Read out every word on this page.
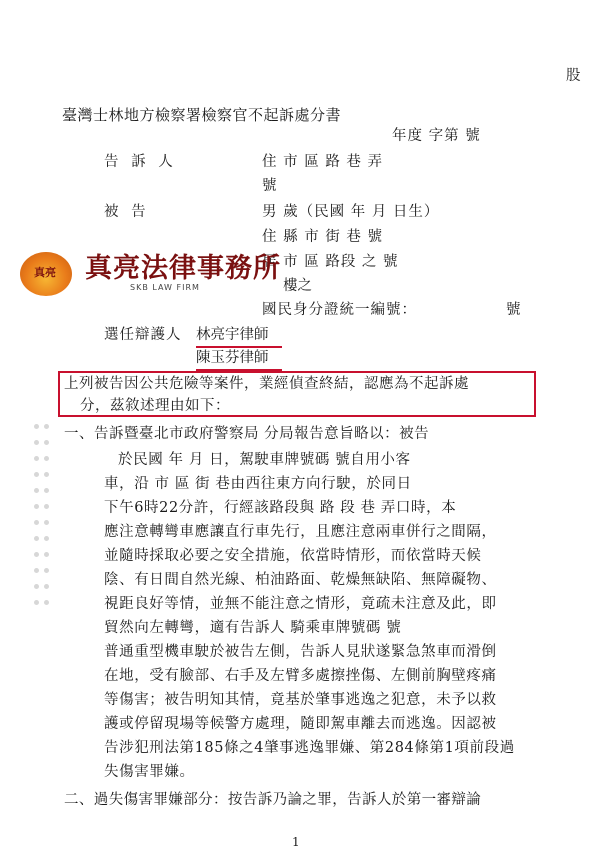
股
臺灣士林地方檢察署檢察官不起訴處分書
年度 字第 號
告 訴 人	住 市 區 路 巷 弄
號
被 告	男 歲（民國 年 月 日生）
住 縣 市 街 巷 號
居 市 區 路段 之 號
樓之
國民身分證統一編號：	號
真亮 真亮法律事務所
SKB LAW FIRM
選任辯護人 林亮宇律師
陳玉芬律師
上列被告因公共危險等案件，業經偵查終結，認應為不起訴處
分，茲敘述理由如下：
一、告訴暨臺北市政府警察局 分局報告意旨略以：被告
於民國 年 月 日，駕駛車牌號碼 號自用小客
車，沿 市 區 街 巷由西往東方向行駛，於同日
下午6時22分許，行經該路段與 路 段 巷 弄口時，本
應注意轉彎車應讓直行車先行，且應注意兩車併行之間隔，
並隨時採取必要之安全措施，依當時情形，而依當時天候
陰、有日間自然光線、柏油路面、乾燥無缺陷、無障礙物、
視距良好等情，並無不能注意之情形，竟疏未注意及此，即
貿然向左轉彎，適有告訴人 騎乘車牌號碼 號
普通重型機車駛於被告左側，告訴人見狀遂緊急煞車而滑倒
在地，受有臉部、右手及左臂多處擦挫傷、左側前胸壁疼痛
等傷害；被告明知其情，竟基於肇事逃逸之犯意，未予以救
護或停留現場等候警方處理，隨即駕車離去而逃逸。因認被
告涉犯刑法第185條之4肇事逃逸罪嫌、第284條第1項前段過
失傷害罪嫌。
二、過失傷害罪嫌部分：按告訴乃論之罪，告訴人於第一審辯論
1
